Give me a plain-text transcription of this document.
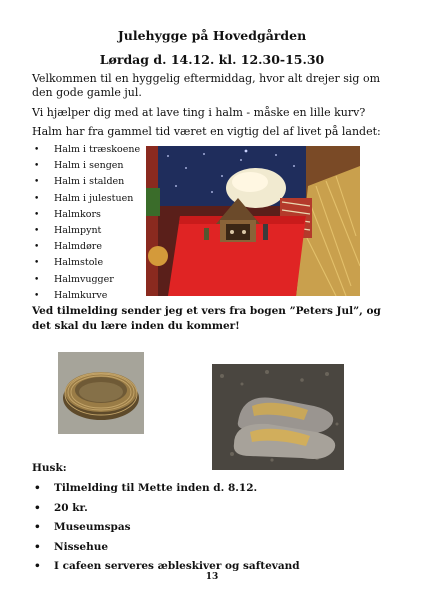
Julehygge på Hovedgården
Lørdag d. 14.12. kl. 12.30-15.30
Velkommen til en hyggelig eftermiddag, hvor alt drejer sig om den gode gamle jul.
Vi hjælper dig med at lave ting i halm - måske en lille kurv?
Halm har fra gammel tid været en vigtig del af livet på landet:
• Halm i træskoene
• Halm i sengen
• Halm i stalden
• Halm i julestuen
• Halmkors
• Halmpynt
• Halmdøre
• Halmstole
• Halmvugger
• Halmkurve
Ved tilmelding sender jeg et vers fra bogen ”Peters Jul”, og det skal du lære inden du kommer!
Husk:
• Tilmelding til Mette inden d. 8.12.
• 20 kr.
• Museumspas
• Nissehue
• I cafeen serveres æbleskiver og saftevand
13
